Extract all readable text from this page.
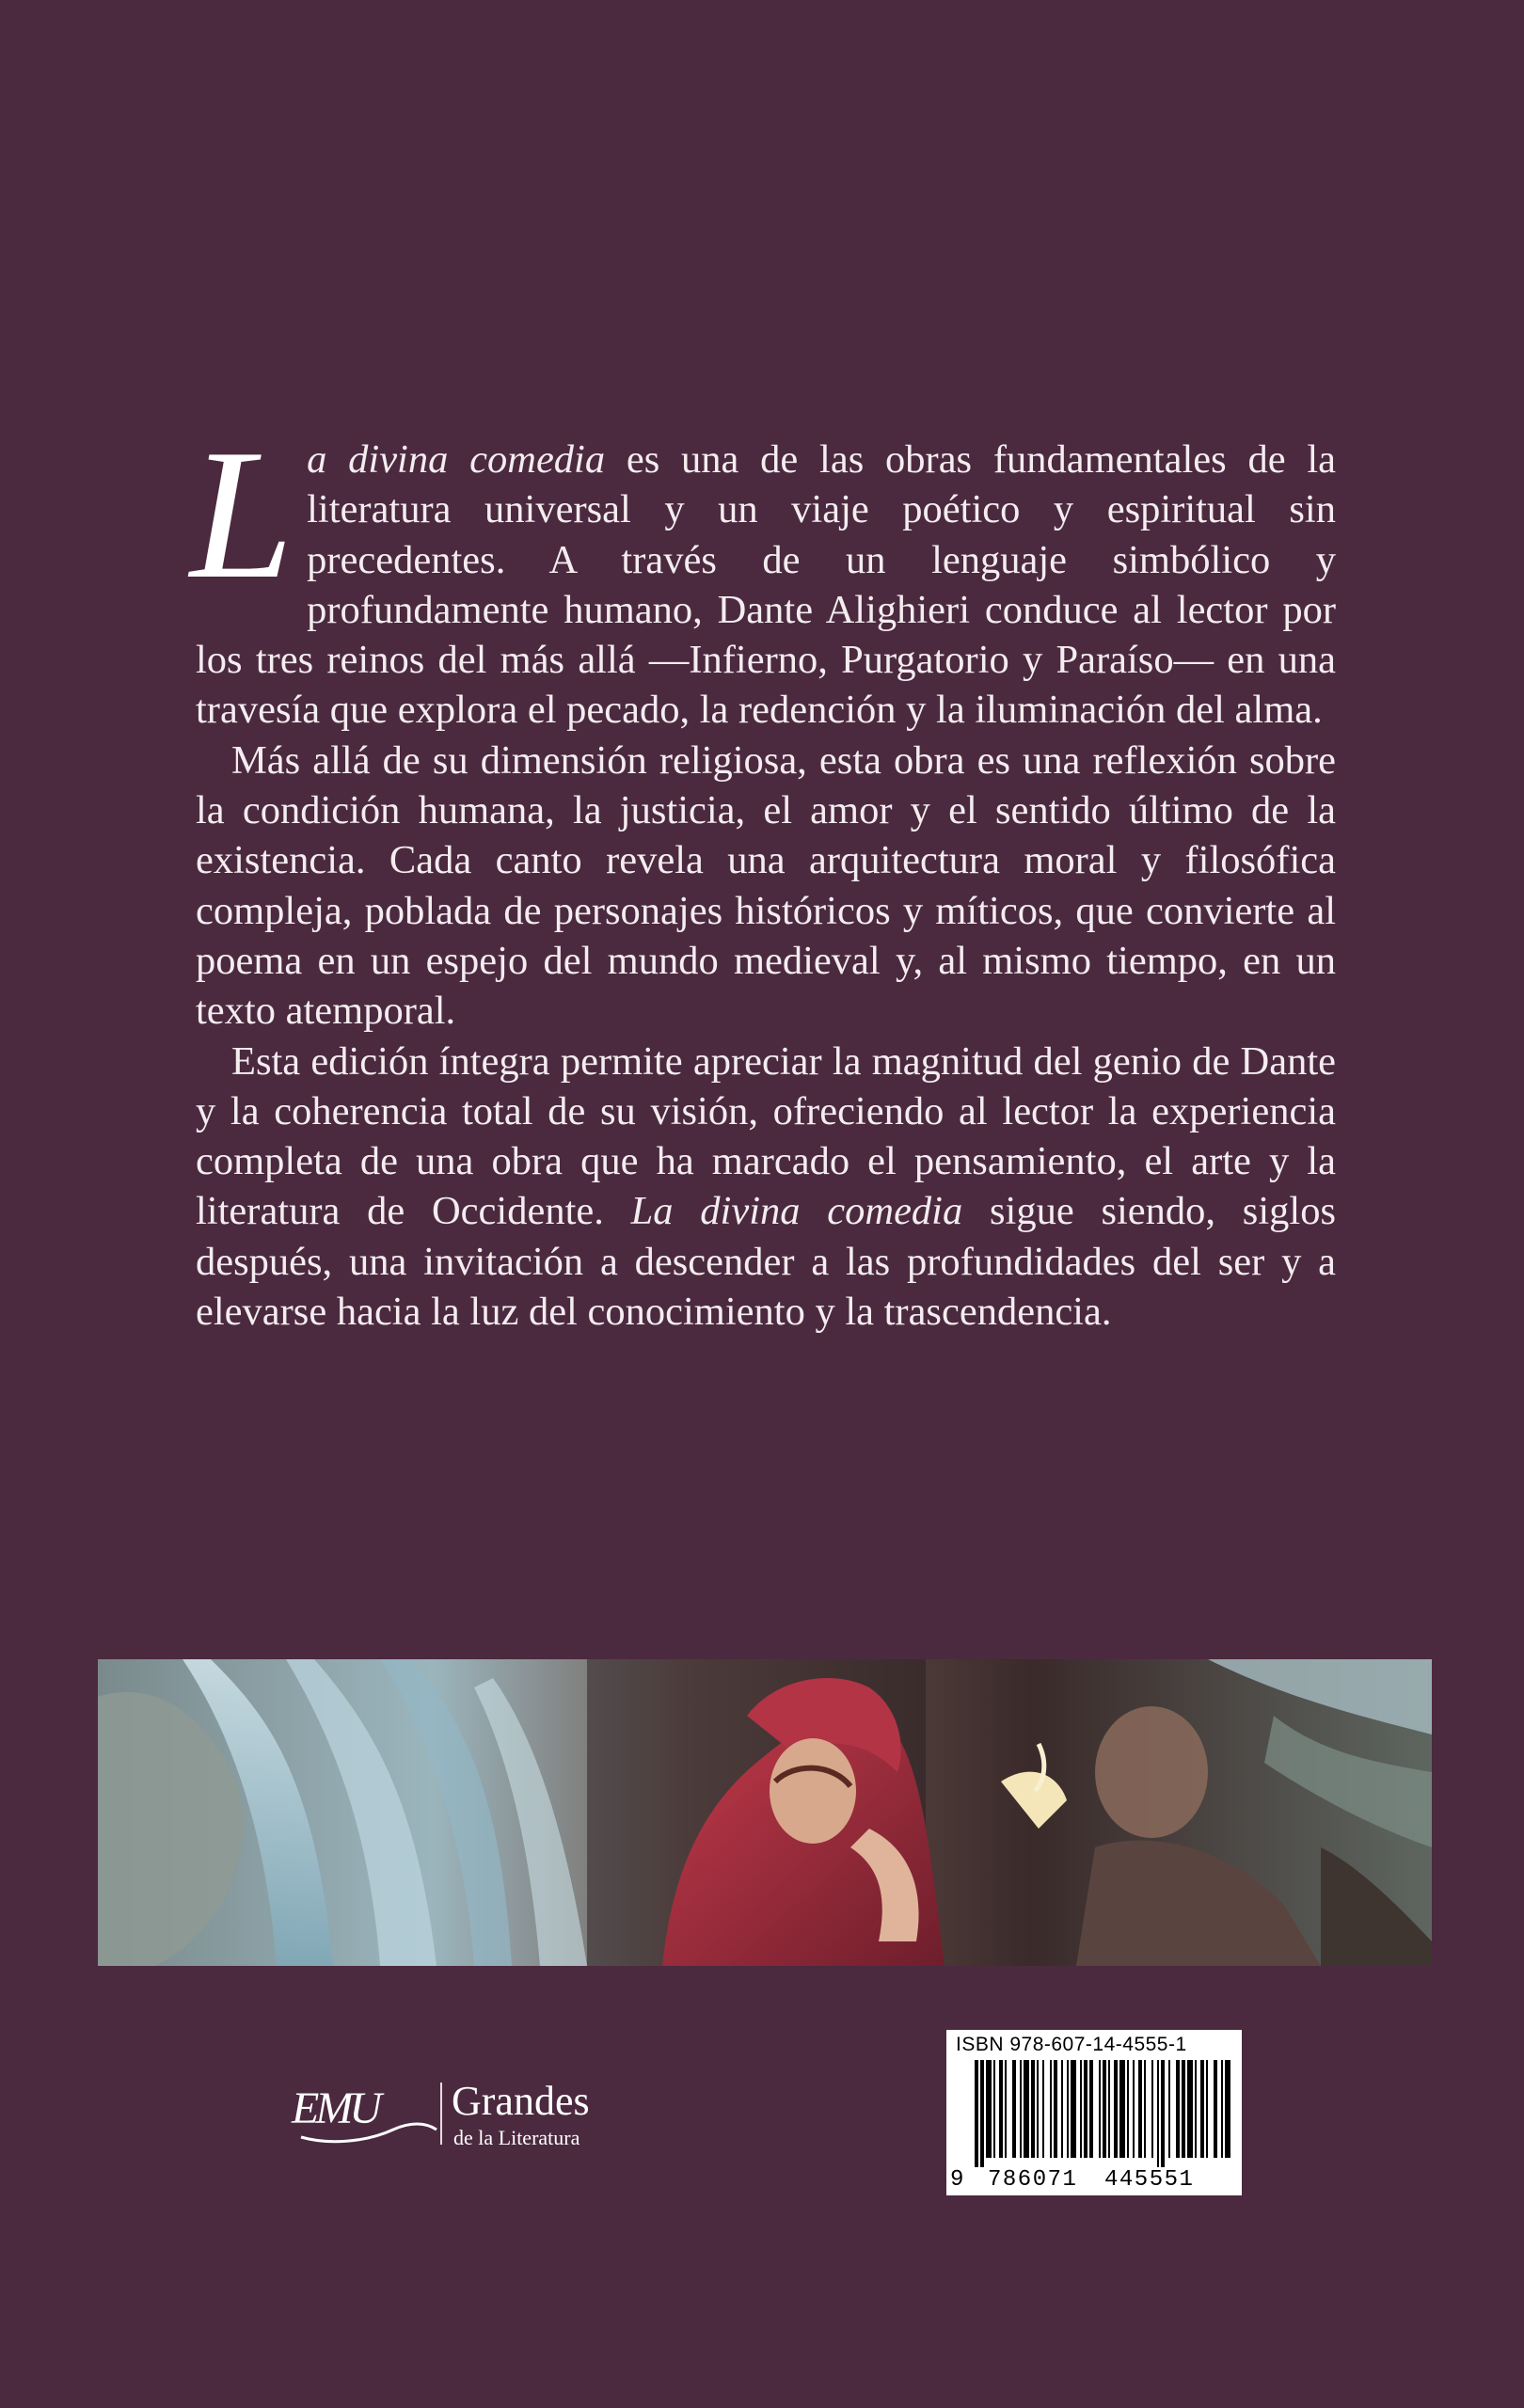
La divina comedia es una de las obras fundamentales de la literatura universal y un viaje poético y espiritual sin precedentes. A través de un lenguaje simbólico y profundamente humano, Dante Alighieri conduce al lector por los tres reinos del más allá —Infierno, Purgatorio y Paraíso— en una travesía que explora el pecado, la redención y la iluminación del alma.

Más allá de su dimensión religiosa, esta obra es una reflexión sobre la condición humana, la justicia, el amor y el sentido último de la existencia. Cada canto revela una arquitectura moral y filosófica compleja, poblada de personajes históricos y míticos, que convierte al poema en un espejo del mundo medieval y, al mismo tiempo, en un texto atemporal.

Esta edición íntegra permite apreciar la magnitud del genio de Dante y la coherencia total de su visión, ofreciendo al lector la experiencia completa de una obra que ha marcado el pensamiento, el arte y la literatura de Occidente. La divina comedia sigue siendo, siglos después, una invitación a descender a las profundidades del ser y a elevarse hacia la luz del conocimiento y la trascendencia.

EMU Grandes
de la Literatura
ISBN 978-607-14-4555-1
9 786071 445551
